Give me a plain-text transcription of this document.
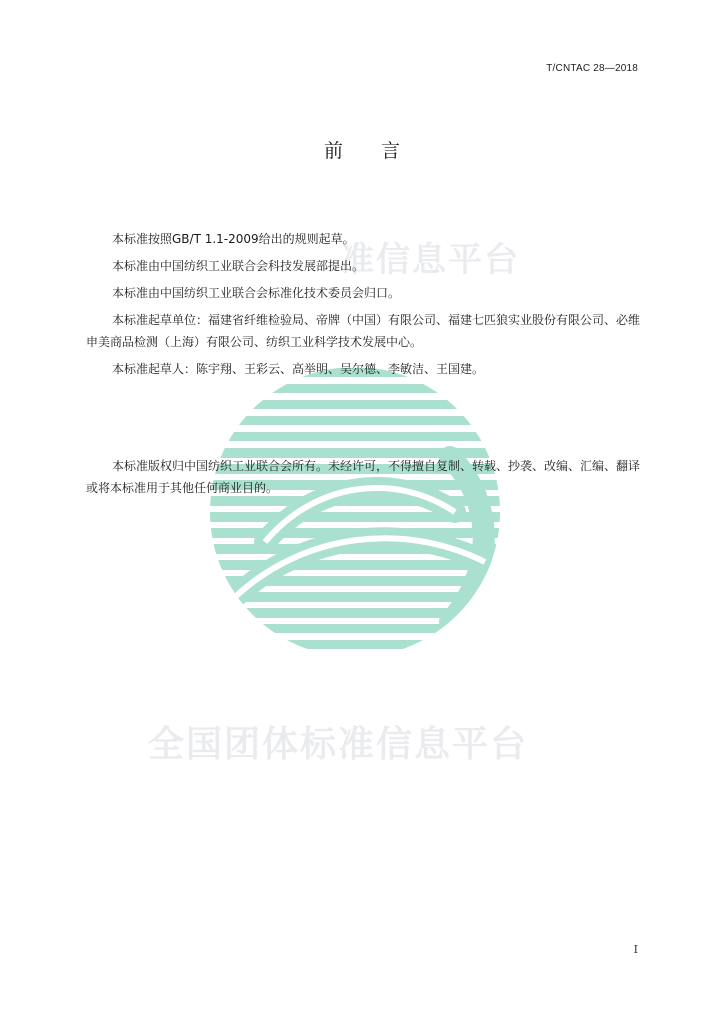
准信息平台
全国团体标准信息平台
T/CNTAC 28—2018
前言

本标准按照GB/T 1.1-2009给出的规则起草。

本标准由中国纺织工业联合会科技发展部提出。

本标准由中国纺织工业联合会标准化技术委员会归口。

本标准起草单位：福建省纤维检验局、帝牌（中国）有限公司、福建七匹狼实业股份有限公司、必维申美商品检测（上海）有限公司、纺织工业科学技术发展中心。

本标准起草人：陈宇翔、王彩云、高举明、吴尔德、李敏洁、王国建。

本标准版权归中国纺织工业联合会所有。未经许可，不得擅自复制、转载、抄袭、改编、汇编、翻译或将本标准用于其他任何商业目的。

I
